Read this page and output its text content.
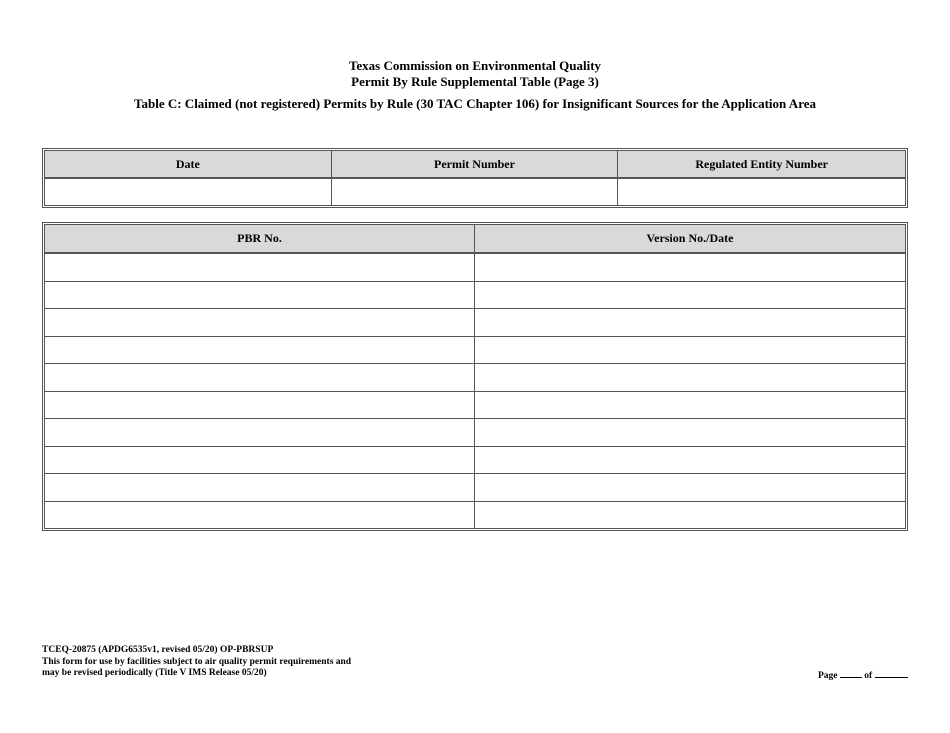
Texas Commission on Environmental Quality
Permit By Rule Supplemental Table (Page 3)
Table C: Claimed (not registered) Permits by Rule (30 TAC Chapter 106) for Insignificant Sources for the Application Area
Date	Permit Number	Regulated Entity Number

PBR No.	Version No./Date

TCEQ-20875 (APDG6535v1, revised 05/20) OP-PBRSUP
This form for use by facilities subject to air quality permit requirements and
may be revised periodically (Title V IMS Release 05/20)	Page	of
